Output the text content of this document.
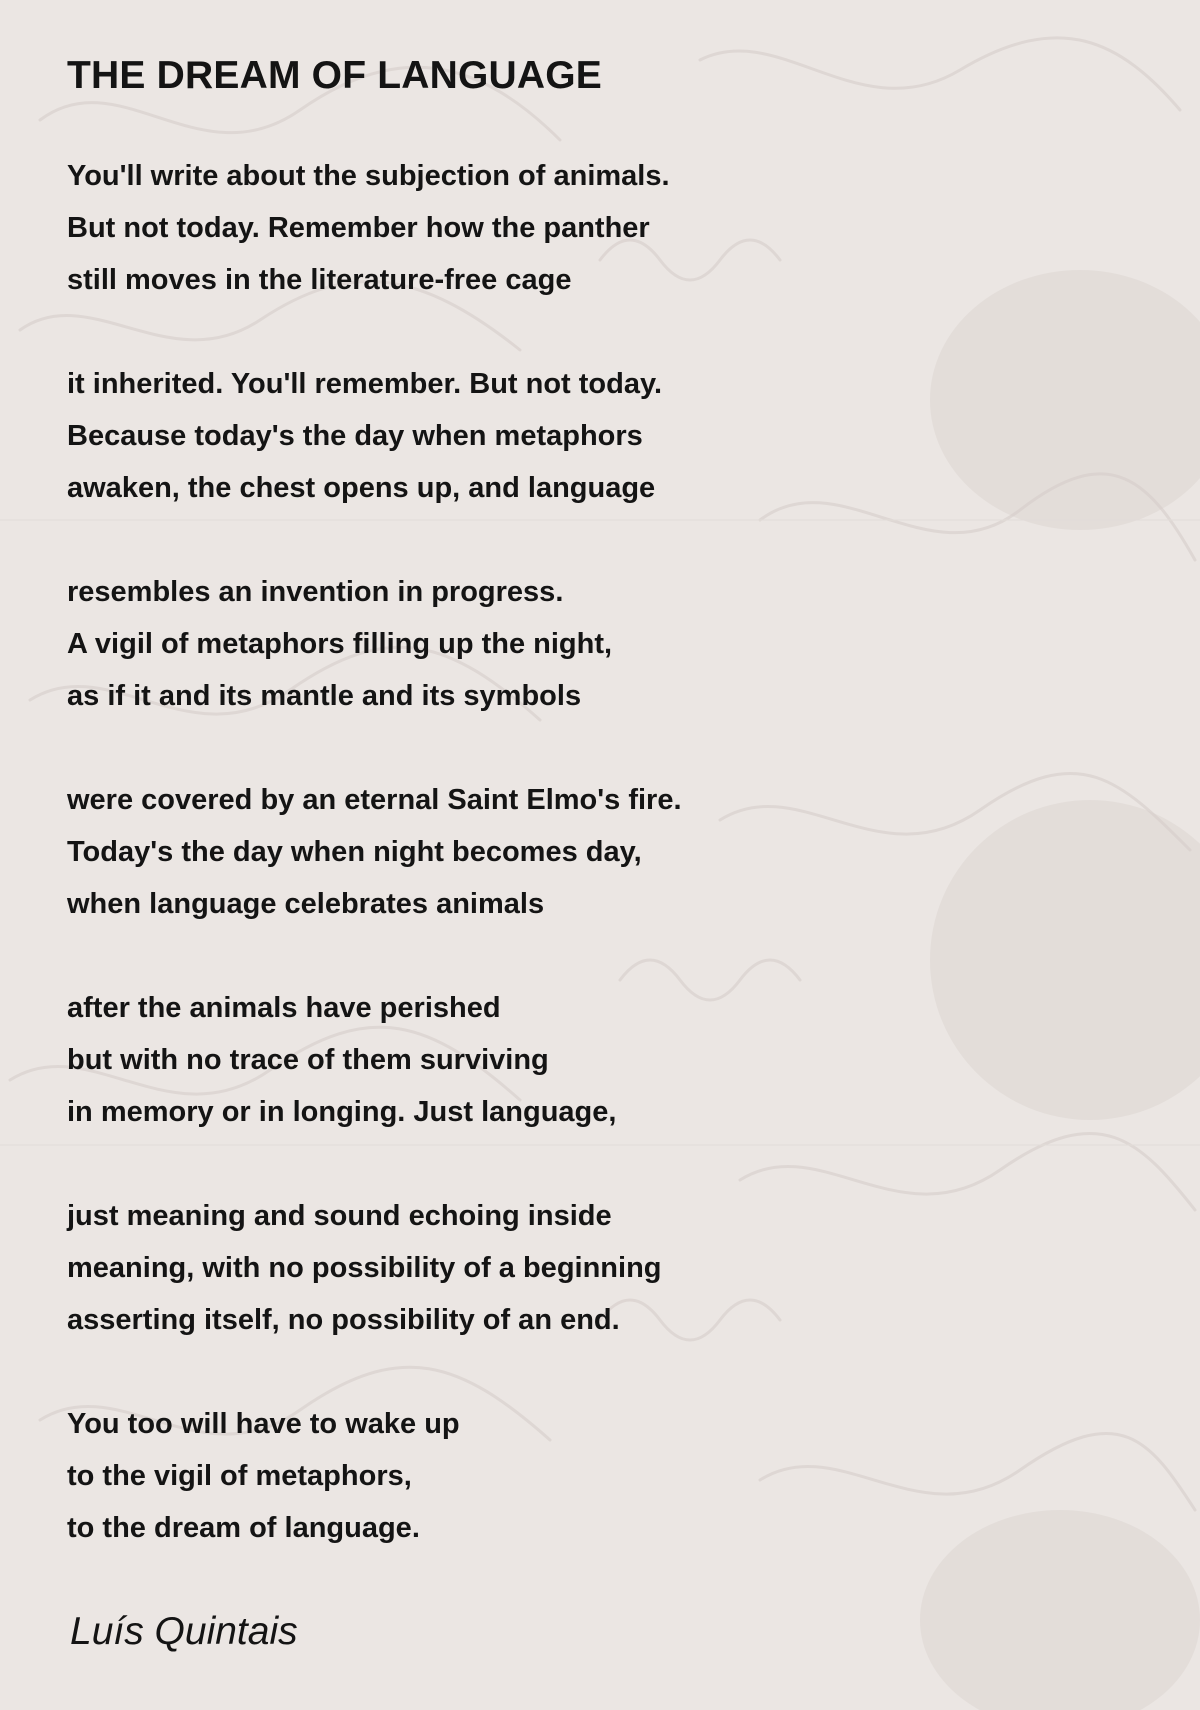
THE DREAM OF LANGUAGE
You'll write about the subjection of animals.
But not today. Remember how the panther
still moves in the literature-free cage
it inherited. You'll remember. But not today.
Because today's the day when metaphors
awaken, the chest opens up, and language
resembles an invention in progress.
A vigil of metaphors filling up the night,
as if it and its mantle and its symbols
were covered by an eternal Saint Elmo's fire.
Today's the day when night becomes day,
when language celebrates animals
after the animals have perished
but with no trace of them surviving
in memory or in longing. Just language,
just meaning and sound echoing inside
meaning, with no possibility of a beginning
asserting itself, no possibility of an end.
You too will have to wake up
to the vigil of metaphors,
to the dream of language.
Luís Quintais
